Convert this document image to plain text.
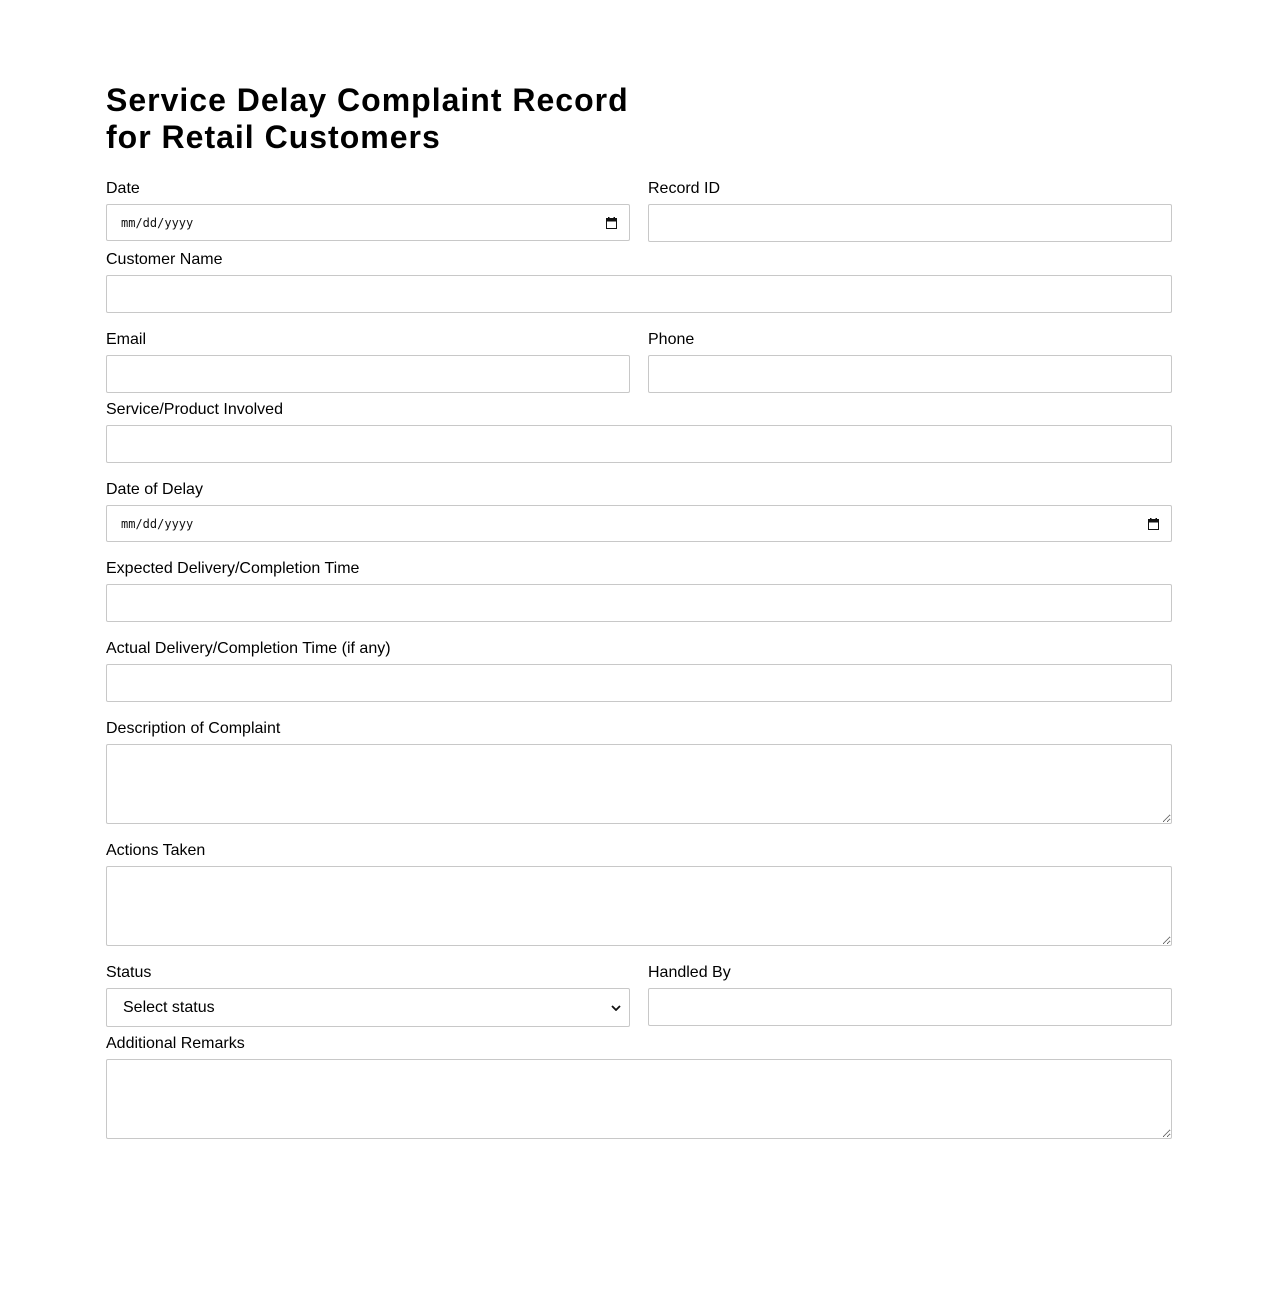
Service Delay Complaint Record for Retail Customers
Date
mm/dd/yyyy
Record ID
Customer Name
Email	Phone
Service/Product Involved
Date of Delay
mm/dd/yyyy
Expected Delivery/Completion Time
Actual Delivery/Completion Time (if any)
Description of Complaint
Actions Taken
Status
Select status
Handled By
Additional Remarks
